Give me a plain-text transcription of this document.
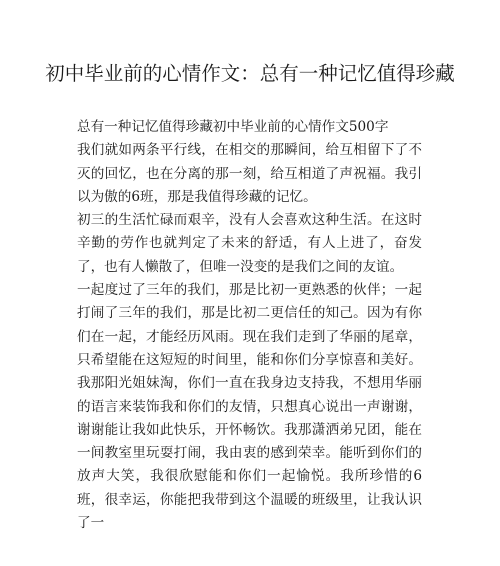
初中毕业前的心情作文：总有一种记忆值得珍藏

总有一种记忆值得珍藏初中毕业前的心情作文500字

我们就如两条平行线，在相交的那瞬间，给互相留下了不灭的回忆，也在分离的那一刻，给互相道了声祝福。我引以为傲的6班，那是我值得珍藏的记忆。

初三的生活忙碌而艰辛，没有人会喜欢这种生活。在这时辛勤的劳作也就判定了未来的舒适，有人上进了，奋发了，也有人懒散了，但唯一没变的是我们之间的友谊。

一起度过了三年的我们，那是比初一更熟悉的伙伴；一起打闹了三年的我们，那是比初二更信任的知己。因为有你们在一起，才能经历风雨。现在我们走到了华丽的尾章，只希望能在这短短的时间里，能和你们分享惊喜和美好。我那阳光姐妹淘，你们一直在我身边支持我，不想用华丽的语言来装饰我和你们的友情，只想真心说出一声谢谢，谢谢能让我如此快乐，开怀畅饮。我那潇洒弟兄团，能在一间教室里玩耍打闹，我由衷的感到荣幸。能听到你们的放声大笑，我很欣慰能和你们一起愉悦。我所珍惜的6班，很幸运，你能把我带到这个温暖的班级里，让我认识了一
